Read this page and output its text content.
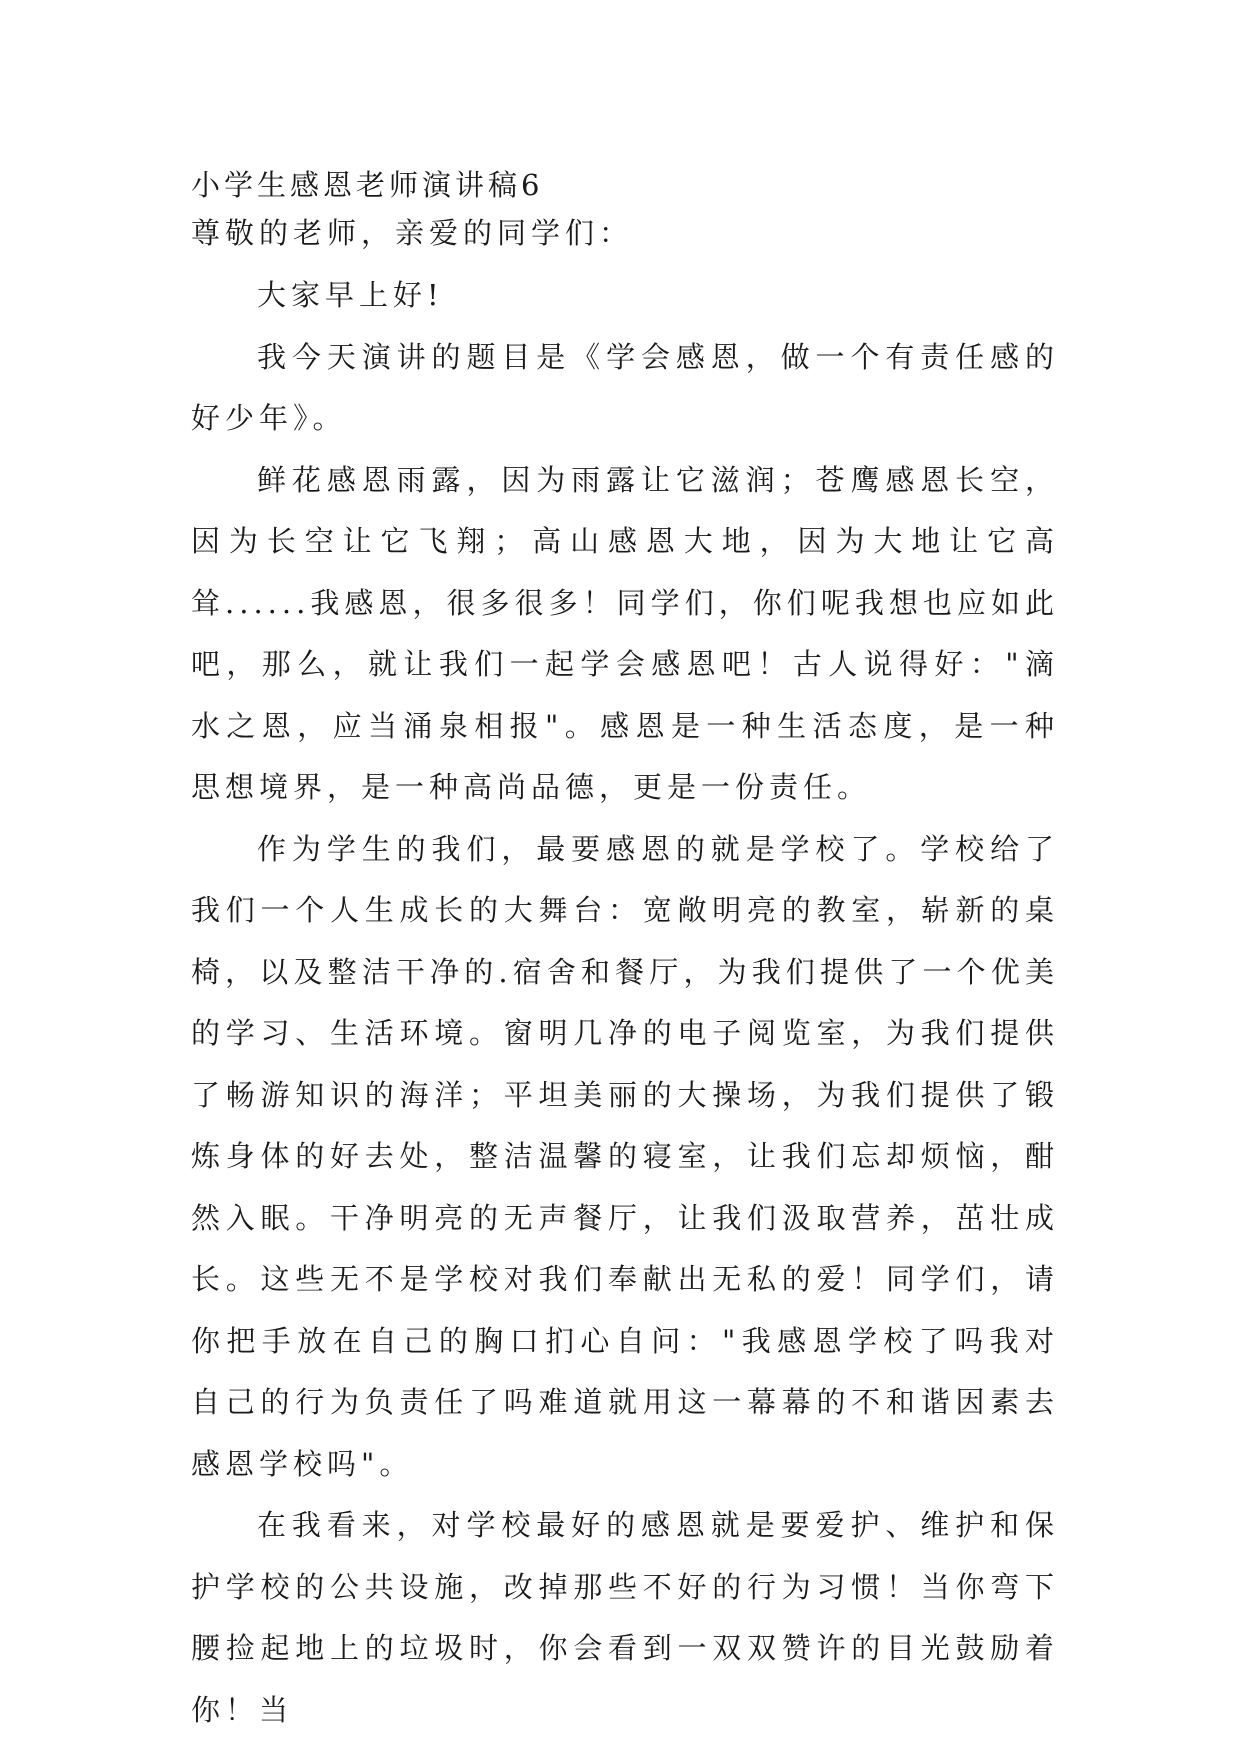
小学生感恩老师演讲稿6

尊敬的老师，亲爱的同学们：

大家早上好!

我今天演讲的题目是《学会感恩，做一个有责任感的好少年》。

鲜花感恩雨露，因为雨露让它滋润；苍鹰感恩长空，因为长空让它飞翔；高山感恩大地，因为大地让它高耸......我感恩，很多很多！同学们，你们呢我想也应如此吧，那么，就让我们一起学会感恩吧！古人说得好："滴水之恩，应当涌泉相报"。感恩是一种生活态度，是一种思想境界，是一种高尚品德，更是一份责任。

作为学生的我们，最要感恩的就是学校了。学校给了我们一个人生成长的大舞台：宽敞明亮的教室，崭新的桌椅，以及整洁干净的.宿舍和餐厅，为我们提供了一个优美的学习、生活环境。窗明几净的电子阅览室，为我们提供了畅游知识的海洋；平坦美丽的大操场，为我们提供了锻炼身体的好去处，整洁温馨的寝室，让我们忘却烦恼，酣然入眠。干净明亮的无声餐厅，让我们汲取营养，茁壮成长。这些无不是学校对我们奉献出无私的爱！同学们，请你把手放在自己的胸口扪心自问："我感恩学校了吗我对自己的行为负责任了吗难道就用这一幕幕的不和谐因素去感恩学校吗"。

在我看来，对学校最好的感恩就是要爱护、维护和保护学校的公共设施，改掉那些不好的行为习惯！当你弯下腰捡起地上的垃圾时，你会看到一双双赞许的目光鼓励着你！当
